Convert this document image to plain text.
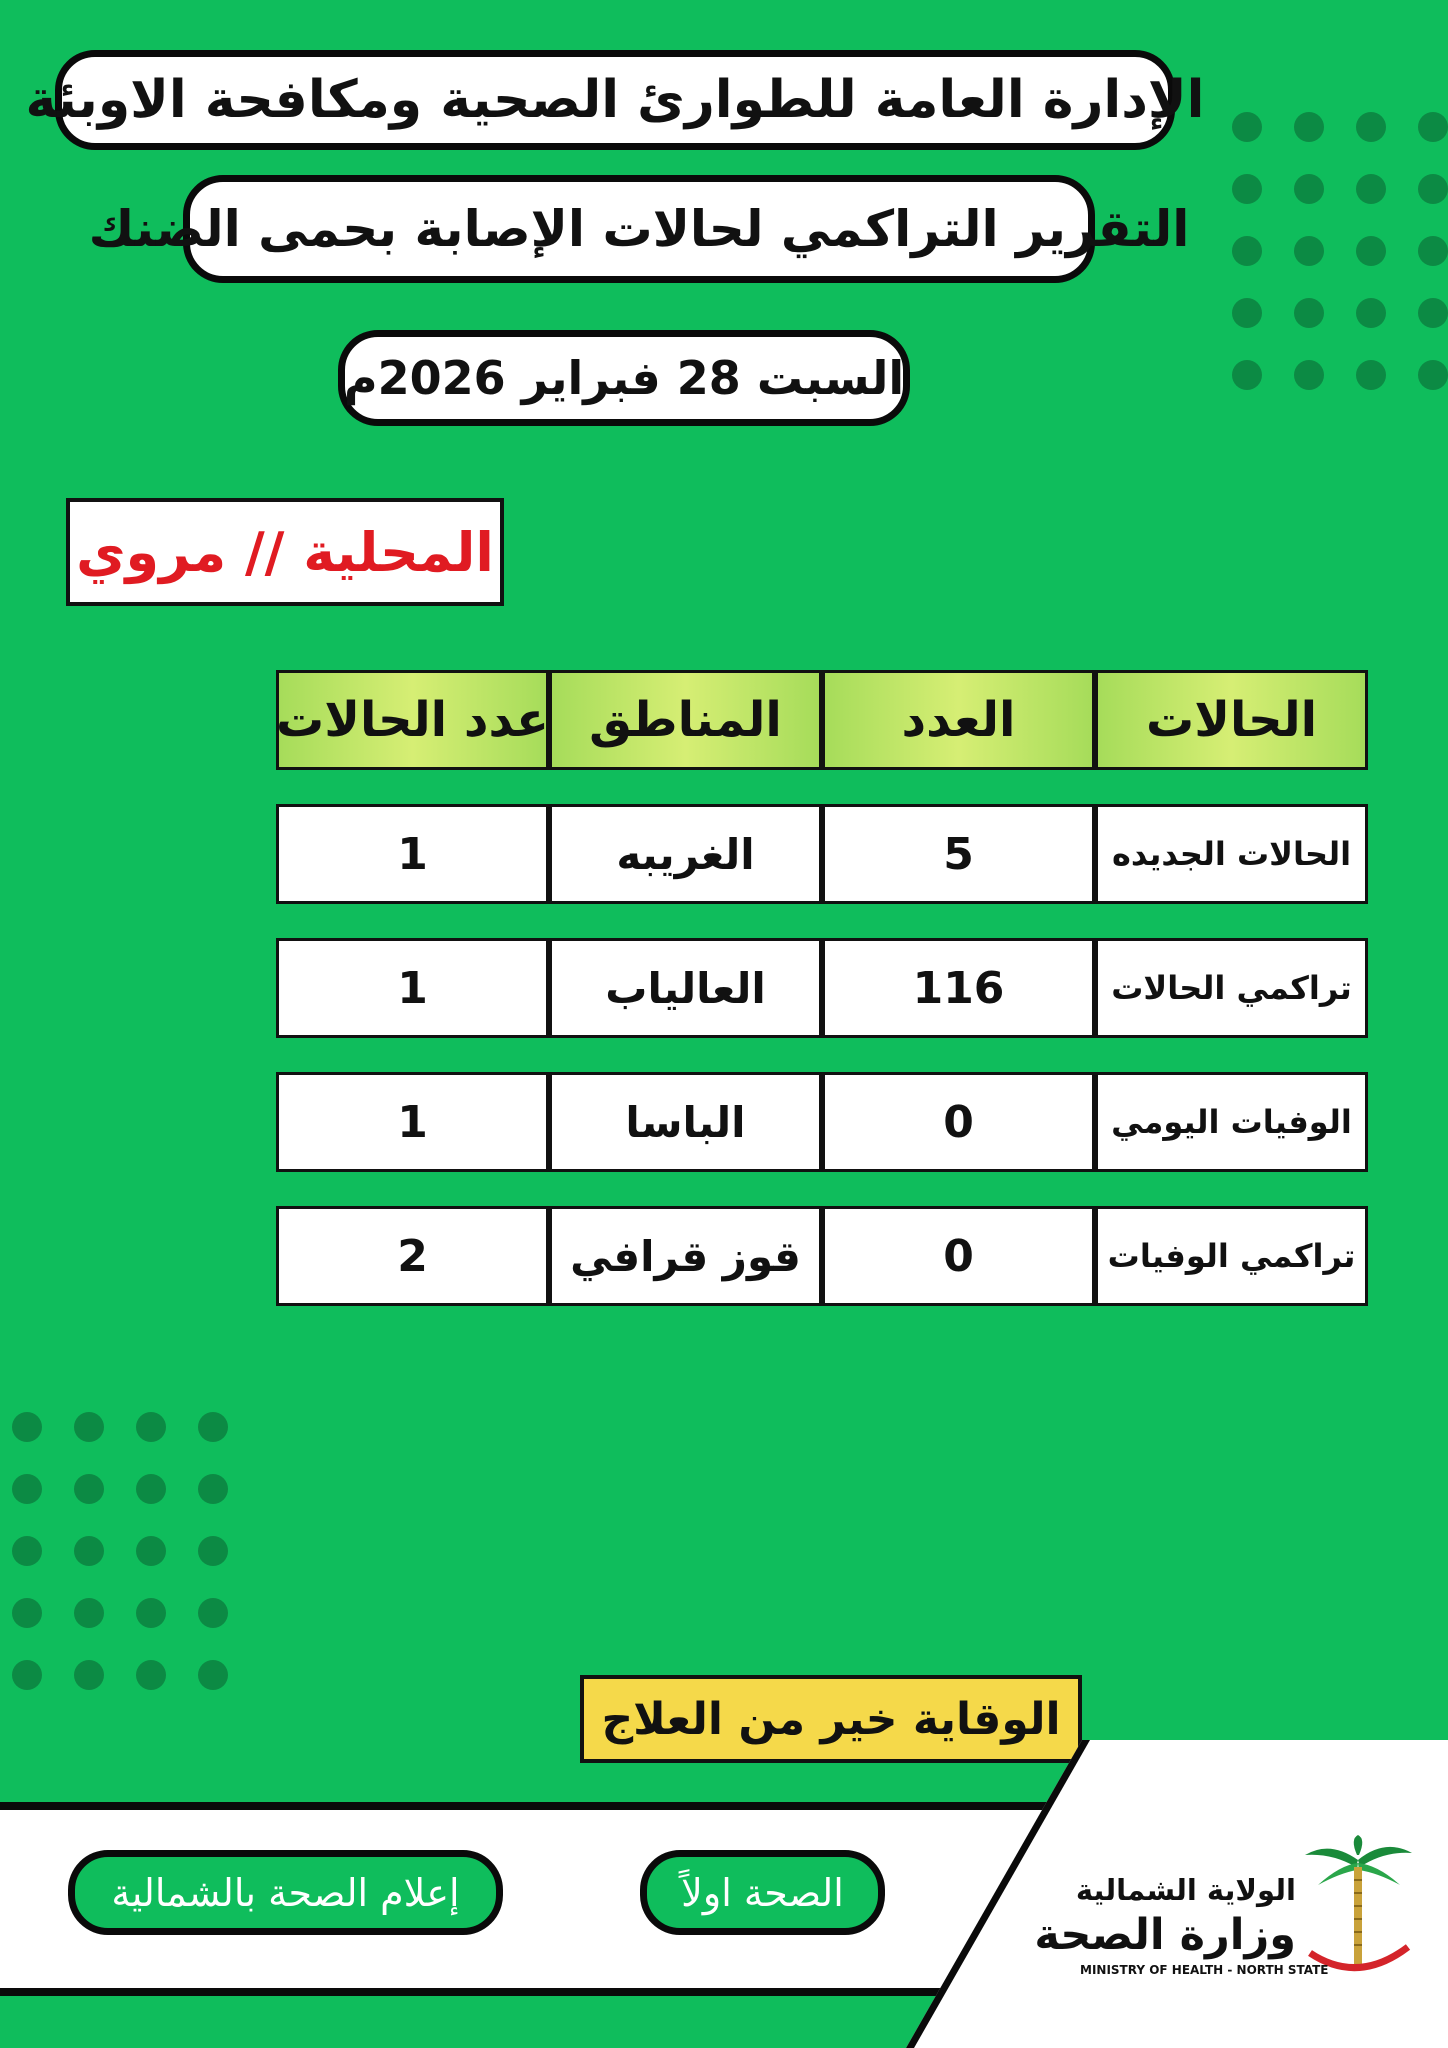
الإدارة العامة للطوارئ الصحية ومكافحة الاوبئة
التقرير التراكمي لحالات الإصابة بحمى الضنك
السبت 28 فبراير 2026م
المحلية // مروي
الحالات
العدد
المناطق
عدد الحالات
الحالات الجديده
5
الغريبه
1
تراكمي الحالات
116
العالياب
1
الوفيات اليومي
0
الباسا
1
تراكمي الوفيات
0
قوز قرافي
2
الوقاية خير من العلاج
الصحة اولاً
إعلام الصحة بالشمالية	الولاية الشمالية
وزارة الصحة
MINISTRY OF HEALTH - NORTH STATE
